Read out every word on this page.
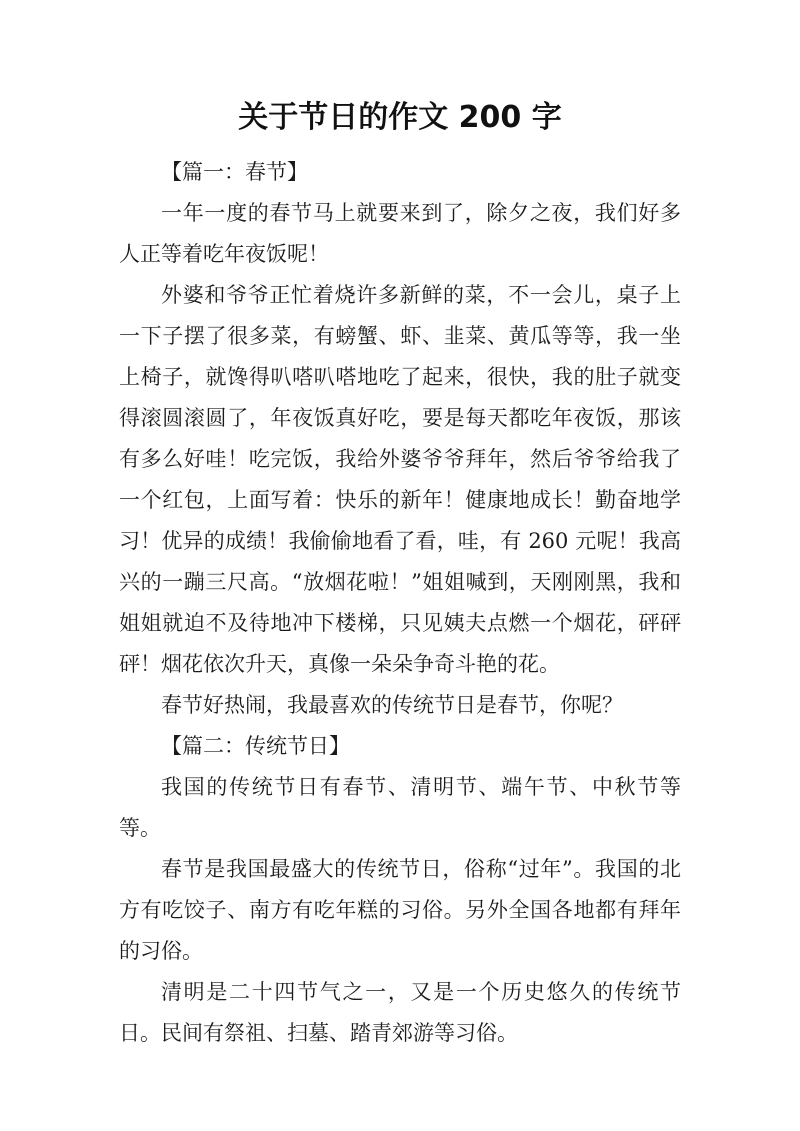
关于节日的作文 200 字

【篇一：春节】

一年一度的春节马上就要来到了，除夕之夜，我们好多人正等着吃年夜饭呢！

外婆和爷爷正忙着烧许多新鲜的菜，不一会儿，桌子上一下子摆了很多菜，有螃蟹、虾、韭菜、黄瓜等等，我一坐上椅子，就馋得叭嗒叭嗒地吃了起来，很快，我的肚子就变得滚圆滚圆了，年夜饭真好吃，要是每天都吃年夜饭，那该有多么好哇！吃完饭，我给外婆爷爷拜年，然后爷爷给我了一个红包，上面写着：快乐的新年！健康地成长！勤奋地学习！优异的成绩！我偷偷地看了看，哇，有 260 元呢！我高兴的一蹦三尺高。“放烟花啦！”姐姐喊到，天刚刚黑，我和姐姐就迫不及待地冲下楼梯，只见姨夫点燃一个烟花，砰砰砰！烟花依次升天，真像一朵朵争奇斗艳的花。

春节好热闹，我最喜欢的传统节日是春节，你呢？

【篇二：传统节日】

我国的传统节日有春节、清明节、端午节、中秋节等等。

春节是我国最盛大的传统节日，俗称“过年”。我国的北方有吃饺子、南方有吃年糕的习俗。另外全国各地都有拜年的习俗。

清明是二十四节气之一，又是一个历史悠久的传统节日。民间有祭祖、扫墓、踏青郊游等习俗。
